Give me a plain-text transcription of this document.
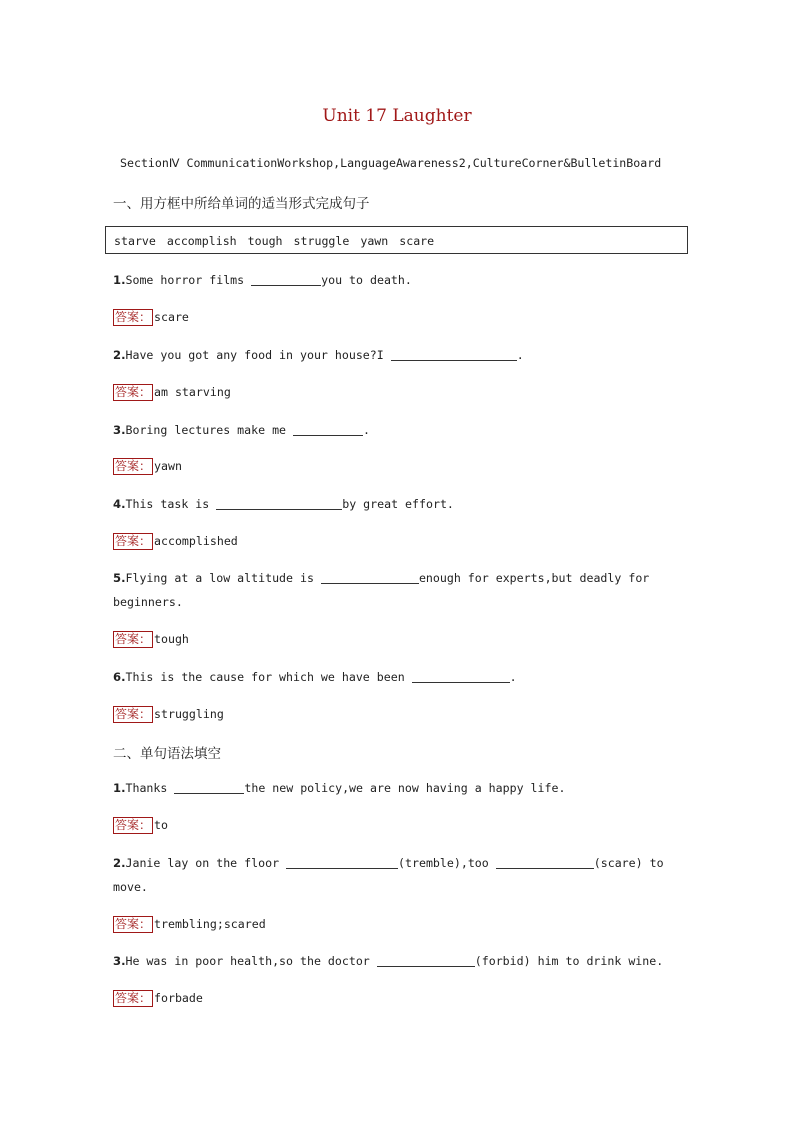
Unit 17 Laughter
SectionⅣ CommunicationWorkshop,LanguageAwareness2,CultureCorner&BulletinBoard
一、用方框中所给单词的适当形式完成句子
starve accomplish tough struggle yawn scare
1.Some horror films	you to death.
答案： scare
2.Have you got any food in your house?I	.
答案： am starving
3.Boring lectures make me	.
答案： yawn
4.This task is	by great effort.
答案： accomplished
5.Flying at a low altitude is	enough for experts,but deadly for
beginners.
答案： tough
6.This is the cause for which we have been	.
答案： struggling
二、单句语法填空
1.Thanks	the new policy,we are now having a happy life.
答案： to
2.Janie lay on the floor	(tremble),too	(scare) to
move.
答案： trembling;scared
3.He was in poor health,so the doctor	(forbid) him to drink wine.
答案： forbade
